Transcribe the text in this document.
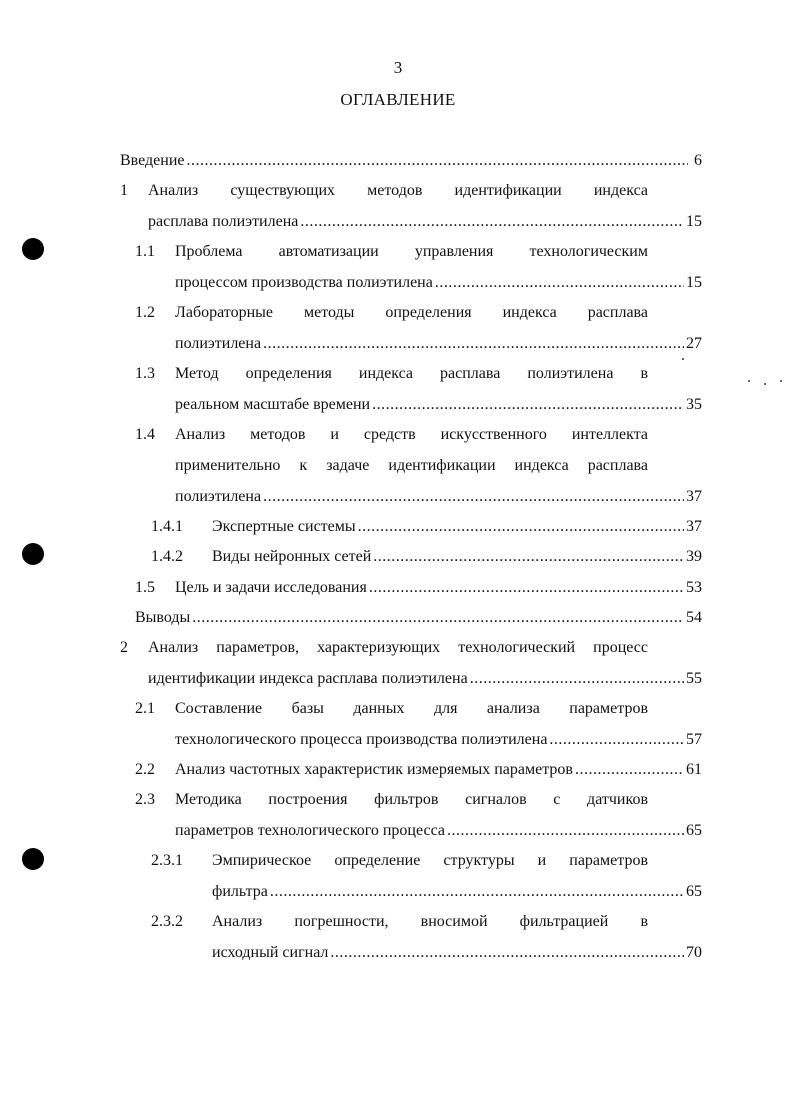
3
ОГЛАВЛЕНИЕ
Введение .....	6
1	Анализ существующих методов идентификации индекса
расплава полиэтилена .....	15
1.1 Проблема автоматизации управления технологическим
процессом производства полиэтилена .....	15
1.2 Лабораторные методы определения индекса расплава
полиэтилена .....	27
1.3 Метод определения индекса расплава полиэтилена в
реальном масштабе времени .....	35
1.4 Анализ методов и средств искусственного интеллекта
применительно к задаче идентификации индекса расплава
полиэтилена .....	37
1.4.1 Экспертные системы .....	37
1.4.2 Виды нейронных сетей .....	39
1.5 Цель и задачи исследования .....	53
Выводы .....	54
2 Анализ параметров, характеризующих технологический процесс
идентификации индекса расплава полиэтилена .....	55
2.1 Составление базы данных для анализа параметров
технологического процесса производства полиэтилена .....	57
2.2 Анализ частотных характеристик измеряемых параметров .....	61
2.3 Методика построения фильтров сигналов с датчиков
параметров технологического процесса .....	65
2.3.1 Эмпирическое определение структуры и параметров
фильтра .....	65
2.3.2 Анализ погрешности, вносимой фильтрацией в
исходный сигнал .....	70
